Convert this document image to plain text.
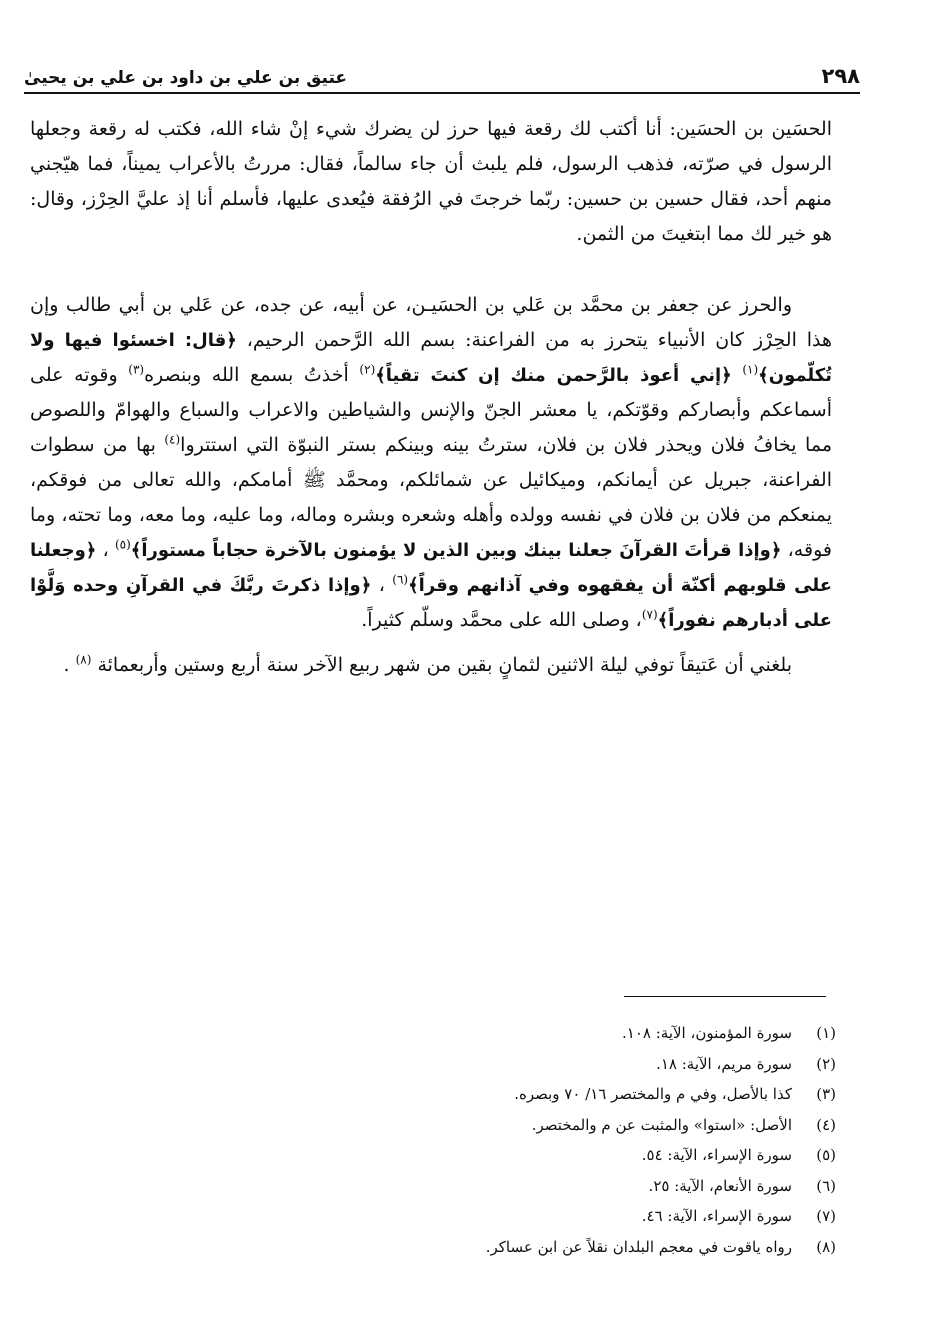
٢٩٨
عتيق بن علي بن داود بن علي بن يحيىٰ

الحسَين بن الحسَين: أنا أكتب لك رقعة فيها حرز لن يضرك شيء إنْ شاء الله، فكتب له رقعة وجعلها الرسول في صرّته، فذهب الرسول، فلم يلبث أن جاء سالماً، فقال: مررتُ بالأعراب يميناً، فما هيّجني منهم أحد، فقال حسين بن حسين: ربّما خرجتَ في الرُفقة فيُعدى عليها، فأسلم أنا إذ عليَّ الحِرْز، وقال: هو خير لك مما ابتغيتَ من الثمن.

والحرز عن جعفر بن محمَّد بن عَلي بن الحسَيـن، عن أبيه، عن جده، عن عَلي بن أبي طالب وإن هذا الحِرْز كان الأنبياء يتحرز به من الفراعنة: بسم الله الرَّحمن الرحيم، ﴿قال: اخسئوا فيها ولا تُكلّمون﴾$^{(١)}$ ﴿إني أعوذ بالرَّحمن منك إن كنتَ تقياً﴾$^{(٢)}$ أخذتُ بسمع الله وبنصره$^{(٣)}$ وقوته على أسماعكم وأبصاركم وقوّتكم، يا معشر الجنّ والإنس والشياطين والاعراب والسباع والهوامّ واللصوص مما يخافُ فلان ويحذر فلان بن فلان، سترتُ بينه وبينكم بستر النبوّة التي استتروا$^{(٤)}$ بها من سطوات الفراعنة، جبريل عن أيمانكم، وميكائيل عن شمائلكم، ومحمَّد ﷺ أمامكم، والله تعالى من فوقكم، يمنعكم من فلان بن فلان في نفسه وولده وأهله وشعره وبشره وماله، وما عليه، وما معه، وما تحته، وما فوقه، ﴿وإذا قرأتَ القرآنَ جعلنا بينك وبين الذين لا يؤمنون بالآخرة حجاباً مستوراً﴾$^{(٥)}$ ، ﴿وجعلنا على قلوبهم أكنّة أن يفقهوه وفي آذانهم وقراً﴾$^{(٦)}$ ، ﴿وإذا ذكرتَ ربَّكَ في القرآنِ وحده وَلَّوْا على أدبارهم نفوراً﴾$^{(٧)}$، وصلى الله على محمَّد وسلّم كثيراً.

بلغني أن عَتيقاً توفي ليلة الاثنين لثمانٍ بقين من شهر ربيع الآخر سنة أربع وستين وأربعمائة $^{(٨)}$ .

(١)
سورة المؤمنون، الآية: ١٠٨.
(٢)
سورة مريم، الآية: ١٨.
(٣)
كذا بالأصل، وفي م والمختصر ١٦/ ٧٠ وبصره.
(٤)
الأصل: «استوا» والمثبت عن م والمختصر.
(٥)
سورة الإسراء، الآية: ٥٤.
(٦)
سورة الأنعام، الآية: ٢٥.
(٧)
سورة الإسراء، الآية: ٤٦.
(٨)
رواه ياقوت في معجم البلدان نقلاً عن ابن عساكر.
